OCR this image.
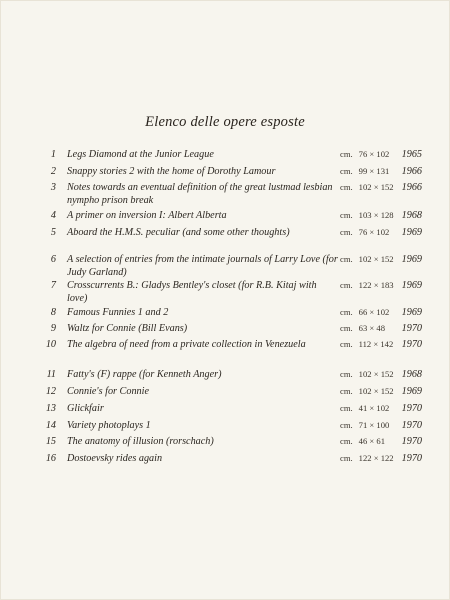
Elenco delle opere esposte
1 Legs Diamond at the Junior League	cm. 76 × 102	1965
2 Snappy stories 2 with the home of Dorothy Lamour	cm. 99 × 131	1966
3 Notes towards an eventual definition of the great lustmad lesbian nympho prison break
cm. 102 × 152 1966
4 A primer on inversion I: Albert Alberta	cm. 103 × 128 1968
5 Aboard the H.M.S. peculiar (and some other thoughts)	cm. 76 × 102	1969
6 A selection of entries from the intimate journals of Larry Love (for Judy Garland)
cm. 102 × 152 1969
7 Crosscurrents B.: Gladys Bentley's closet (for R.B. Kitaj with love)
cm. 122 × 183 1969
8 Famous Funnies 1 and 2	cm. 66 × 102	1969
9 Waltz for Connie (Bill Evans)	cm. 63 × 48	1970
10 The algebra of need from a private collection in Venezuela	cm. 112 × 142 1970
11 Fatty's (F) rappe (for Kenneth Anger)	cm. 102 × 152 1968
12 Connie's for Connie	cm. 102 × 152 1969
13 Glickfair	cm. 41 × 102	1970
14 Variety photoplays 1	cm. 71 × 100	1970
15 The anatomy of illusion (rorschach)	cm. 46 × 61	1970
16 Dostoevsky rides again	cm. 122 × 122 1970
